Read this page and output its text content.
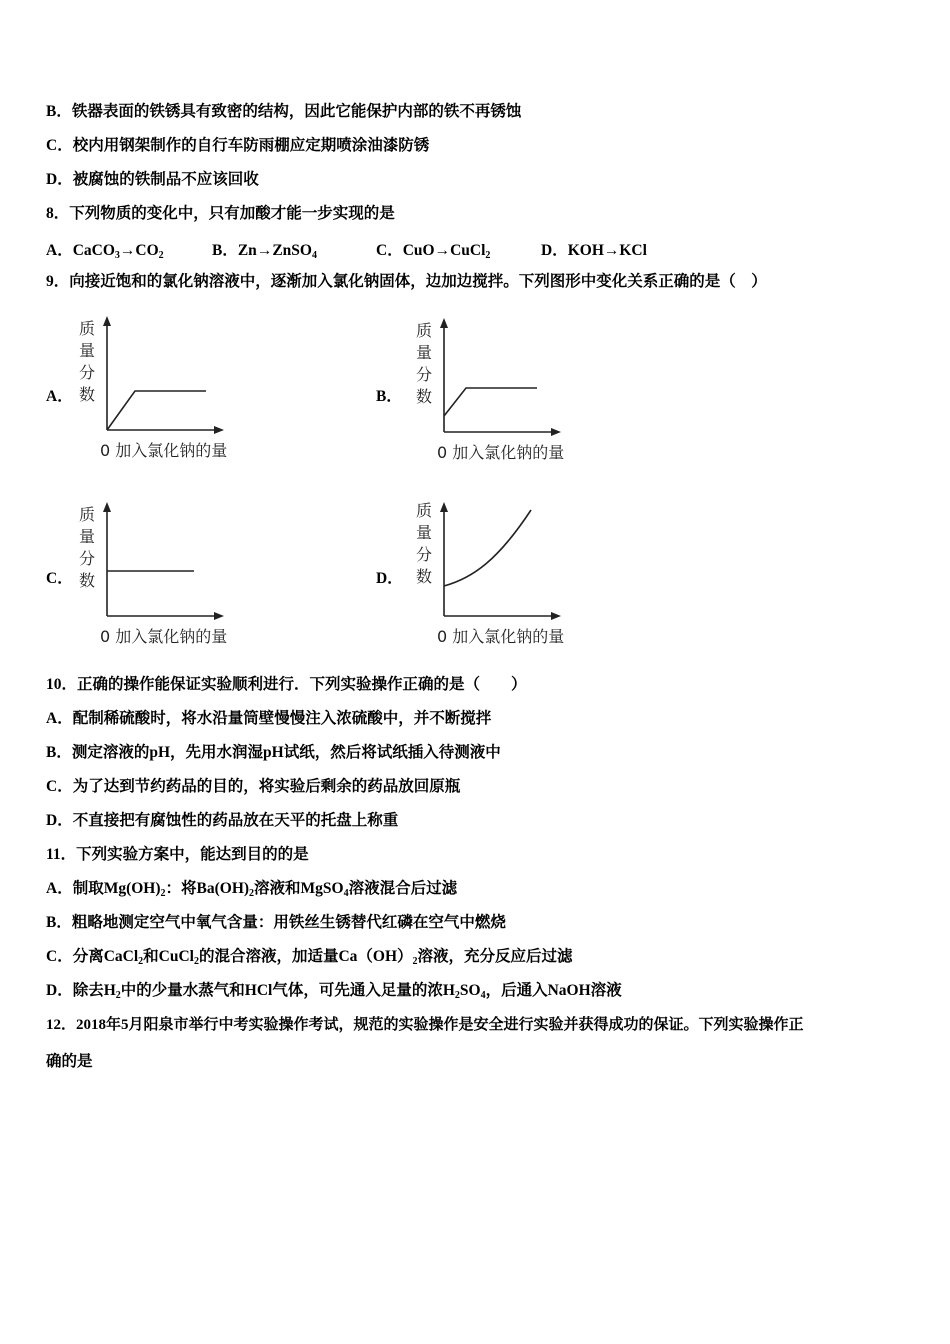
B．铁器表面的铁锈具有致密的结构，因此它能保护内部的铁不再锈蚀
C．校内用钢架制作的自行车防雨棚应定期喷涂油漆防锈
D．被腐蚀的铁制品不应该回收
8．下列物质的变化中，只有加酸才能一步实现的是
A．$CaCO_3\to CO_2$	B．Zn→ZnSO$_4$	C．CuO→CuCl$_2$	D．KOH→KCl
9．向接近饱和的氯化钠溶液中，逐渐加入氯化钠固体，边加边搅拌。下列图形中变化关系正确的是（　）
A．
质
量
分
数
0 加入氯化钠的量
B．
质
量
分
数
0 加入氯化钠的量
C．
质
量
分
数
0 加入氯化钠的量
D．
质
量
分
数
0 加入氯化钠的量
10．正确的操作能保证实验顺利进行．下列实验操作正确的是（　　）
A．配制稀硫酸时，将水沿量筒壁慢慢注入浓硫酸中，并不断搅拌
B．测定溶液的pH，先用水润湿pH试纸，然后将试纸插入待测液中
C．为了达到节约药品的目的，将实验后剩余的药品放回原瓶
D．不直接把有腐蚀性的药品放在天平的托盘上称重
11．下列实验方案中，能达到目的的是
A．制取$Mg(OH)_2$：将$Ba(OH)_2$溶液和MgSO$_4$溶液混合后过滤
B．粗略地测定空气中氧气含量：用铁丝生锈替代红磷在空气中燃烧
C．分离CaCl$_2$和CuCl$_2$的混合溶液，加适量$Ca(OH)_2$溶液，充分反应后过滤
D．除去$H_2$中的少量水蒸气和HCl气体，可先通入足量的浓$H_2SO_4$，后通入NaOH溶液
12．2018年5月阳泉市举行中考实验操作考试，规范的实验操作是安全进行实验并获得成功的保证。下列实验操作正
确的是
